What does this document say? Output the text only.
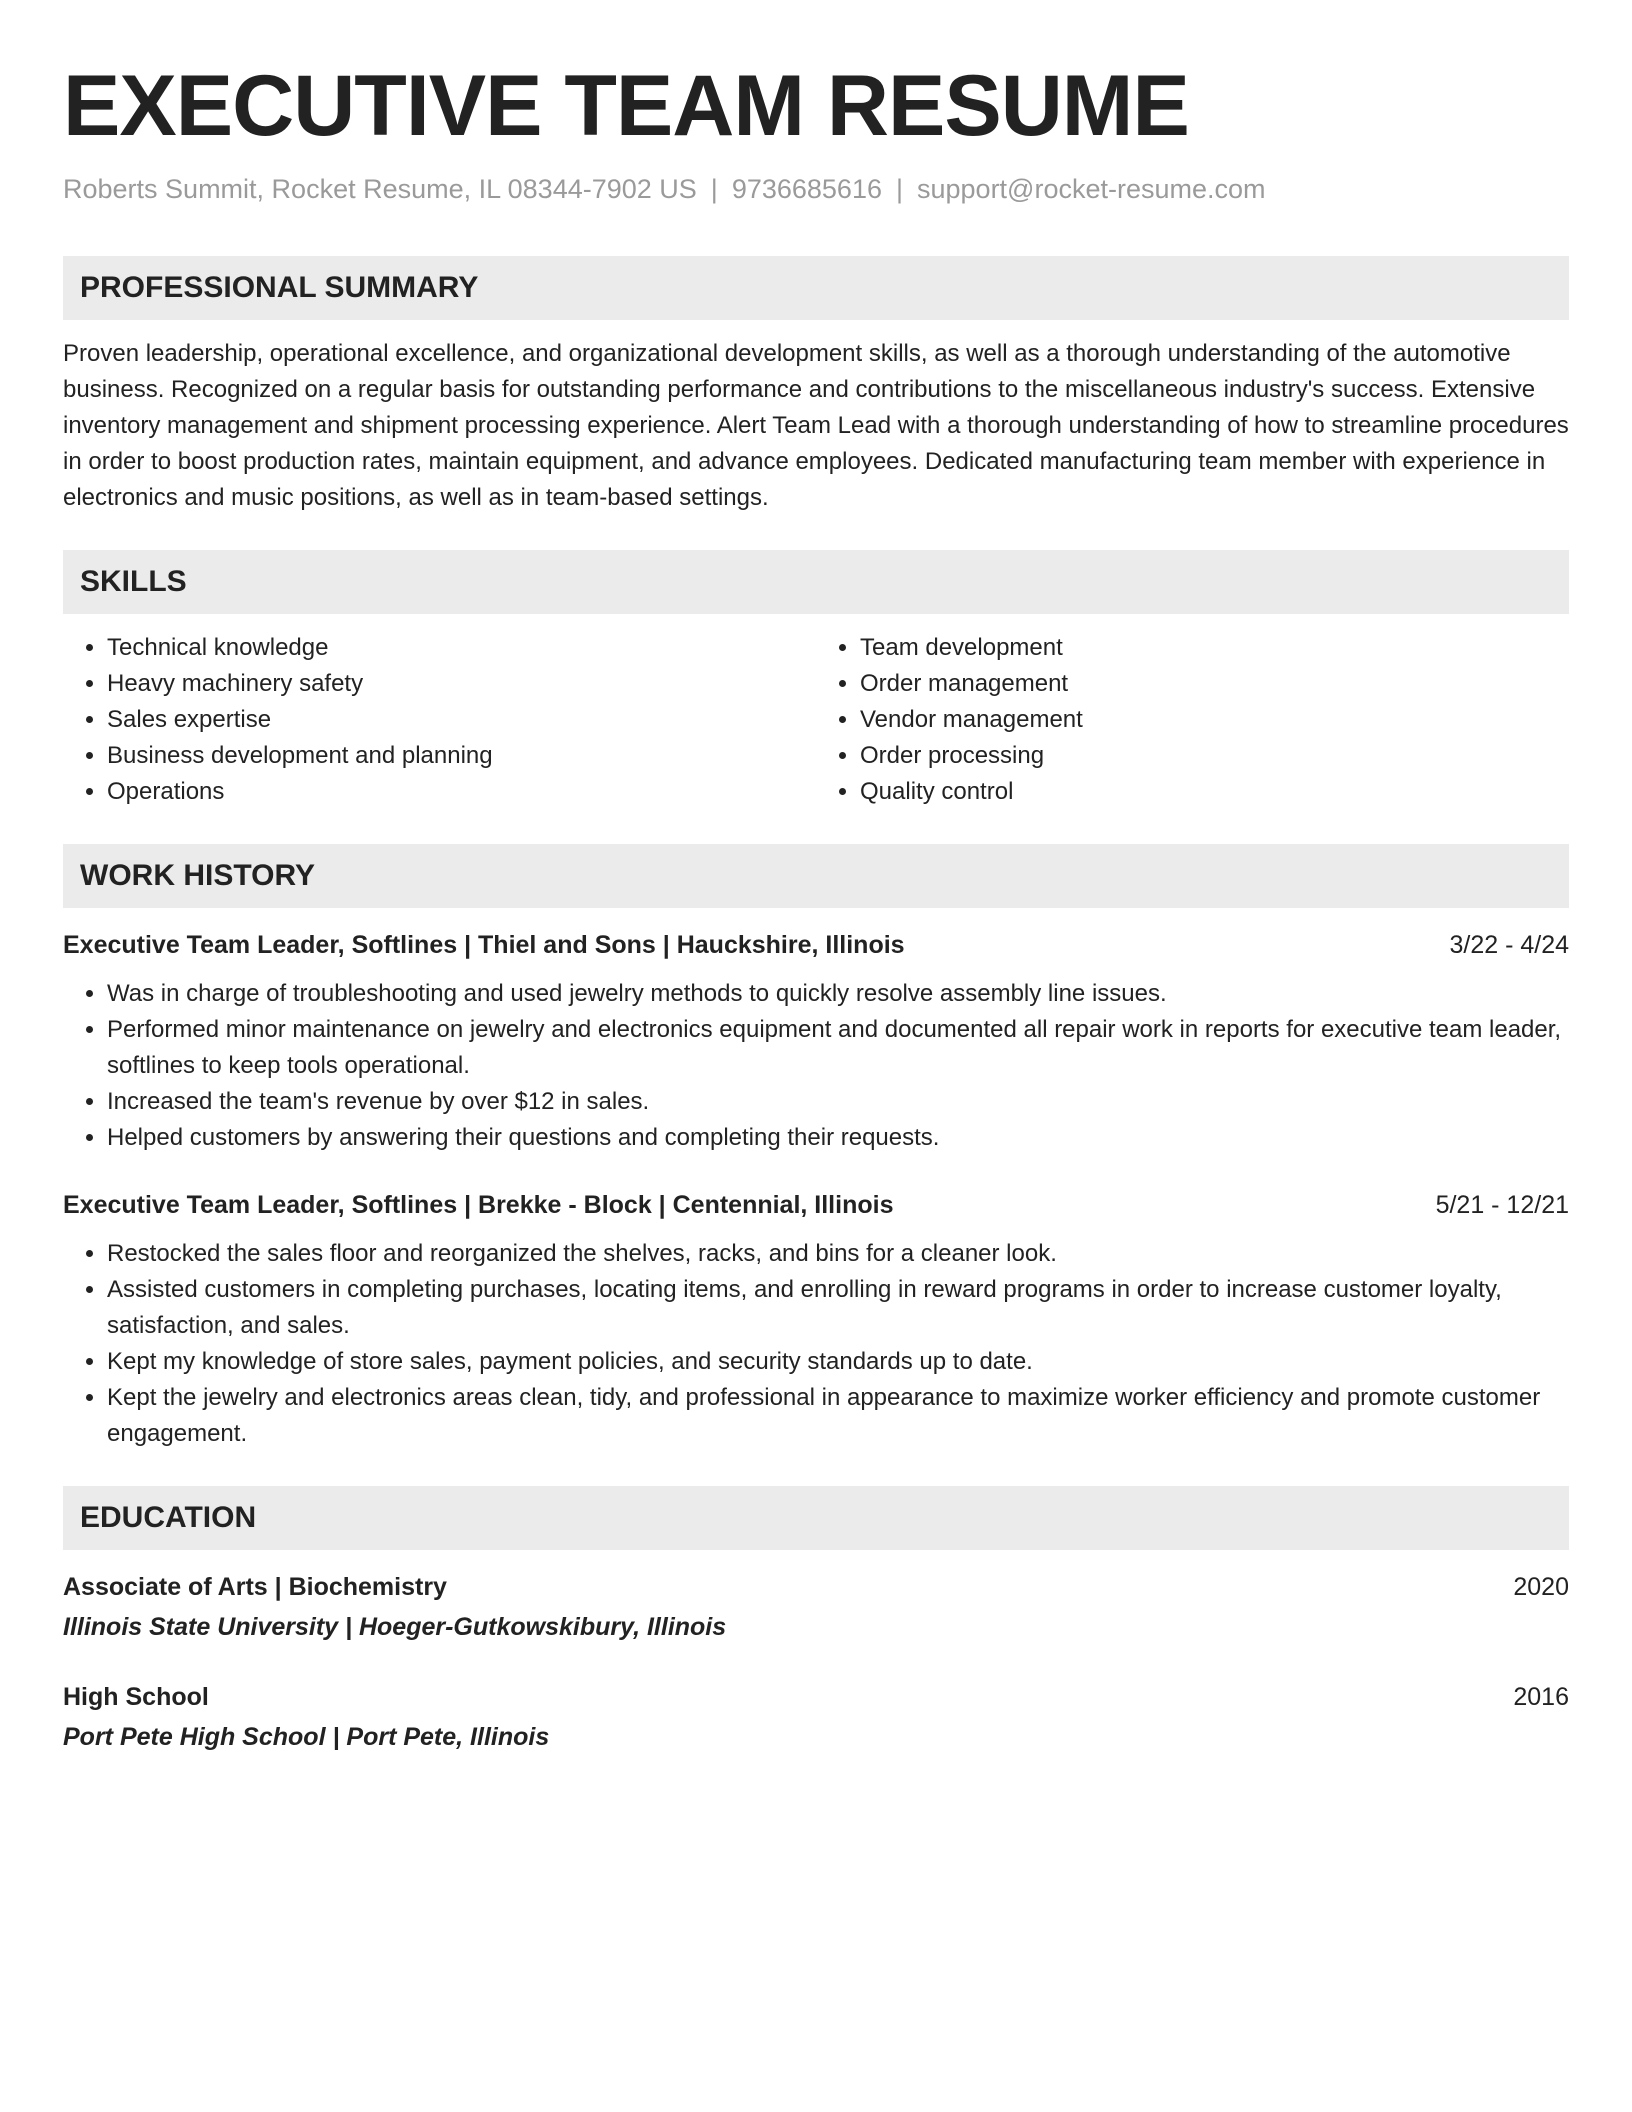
EXECUTIVE TEAM RESUME
Roberts Summit, Rocket Resume, IL 08344-7902 US | 9736685616 | support@rocket-resume.com
PROFESSIONAL SUMMARY
Proven leadership, operational excellence, and organizational development skills, as well as a thorough understanding of the automotive business. Recognized on a regular basis for outstanding performance and contributions to the miscellaneous industry's success. Extensive inventory management and shipment processing experience. Alert Team Lead with a thorough understanding of how to streamline procedures in order to boost production rates, maintain equipment, and advance employees. Dedicated manufacturing team member with experience in electronics and music positions, as well as in team-based settings.
SKILLS
• Technical knowledge
• Heavy machinery safety
• Sales expertise
• Business development and planning
• Operations
• Team development
• Order management
• Vendor management
• Order processing
• Quality control
WORK HISTORY
Executive Team Leader, Softlines | Thiel and Sons | Hauckshire, Illinois	3/22 - 4/24
• Was in charge of troubleshooting and used jewelry methods to quickly resolve assembly line issues.
• Performed minor maintenance on jewelry and electronics equipment and documented all repair work in reports for executive team leader, softlines to keep tools operational.
• Increased the team's revenue by over $12 in sales.
• Helped customers by answering their questions and completing their requests.
Executive Team Leader, Softlines | Brekke - Block | Centennial, Illinois	5/21 - 12/21
• Restocked the sales floor and reorganized the shelves, racks, and bins for a cleaner look.
• Assisted customers in completing purchases, locating items, and enrolling in reward programs in order to increase customer loyalty, satisfaction, and sales.
• Kept my knowledge of store sales, payment policies, and security standards up to date.
• Kept the jewelry and electronics areas clean, tidy, and professional in appearance to maximize worker efficiency and promote customer engagement.
EDUCATION
Associate of Arts | Biochemistry	2020
Illinois State University | Hoeger-Gutkowskibury, Illinois
High School	2016
Port Pete High School | Port Pete, Illinois
